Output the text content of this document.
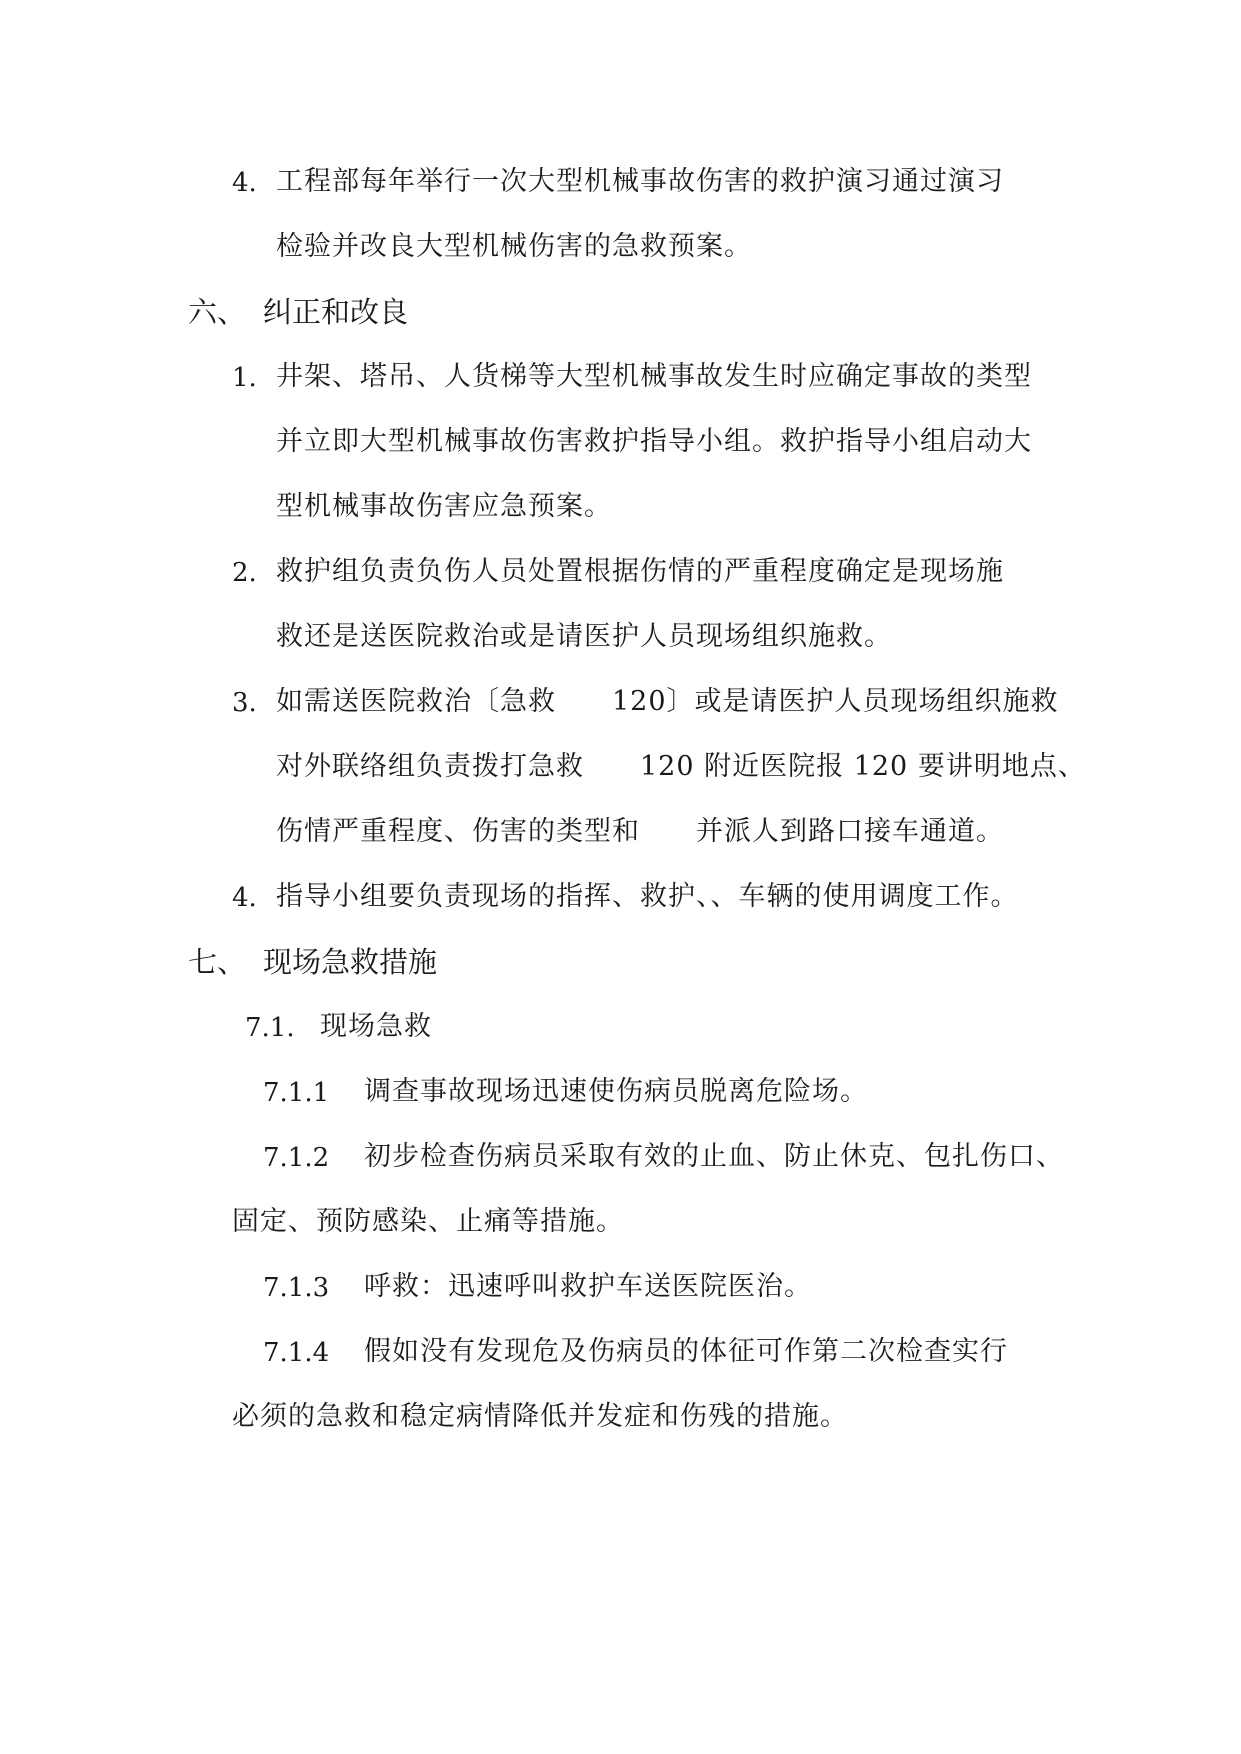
4. 工程部每年举行一次大型机械事故伤害的救护演习通过演习
检验并改良大型机械伤害的急救预案。
六、 纠正和改良
1. 井架、塔吊、人货梯等大型机械事故发生时应确定事故的类型
并立即大型机械事故伤害救护指导小组。救护指导小组启动大
型机械事故伤害应急预案。
2. 救护组负责负伤人员处置根据伤情的严重程度确定是现场施
救还是送医院救治或是请医护人员现场组织施救。
3. 如需送医院救治〔急救　　120〕或是请医护人员现场组织施救
对外联络组负责拨打急救　　120 附近医院报 120 要讲明地点、
伤情严重程度、伤害的类型和　　并派人到路口接车通道。
4. 指导小组要负责现场的指挥、救护、、车辆的使用调度工作。
七、 现场急救措施
7.1. 现场急救
7.1.1 调查事故现场迅速使伤病员脱离危险场。
7.1.2 初步检查伤病员采取有效的止血、防止休克、包扎伤口、
固定、预防感染、止痛等措施。
7.1.3 呼救：迅速呼叫救护车送医院医治。
7.1.4 假如没有发现危及伤病员的体征可作第二次检查实行
必须的急救和稳定病情降低并发症和伤残的措施。
